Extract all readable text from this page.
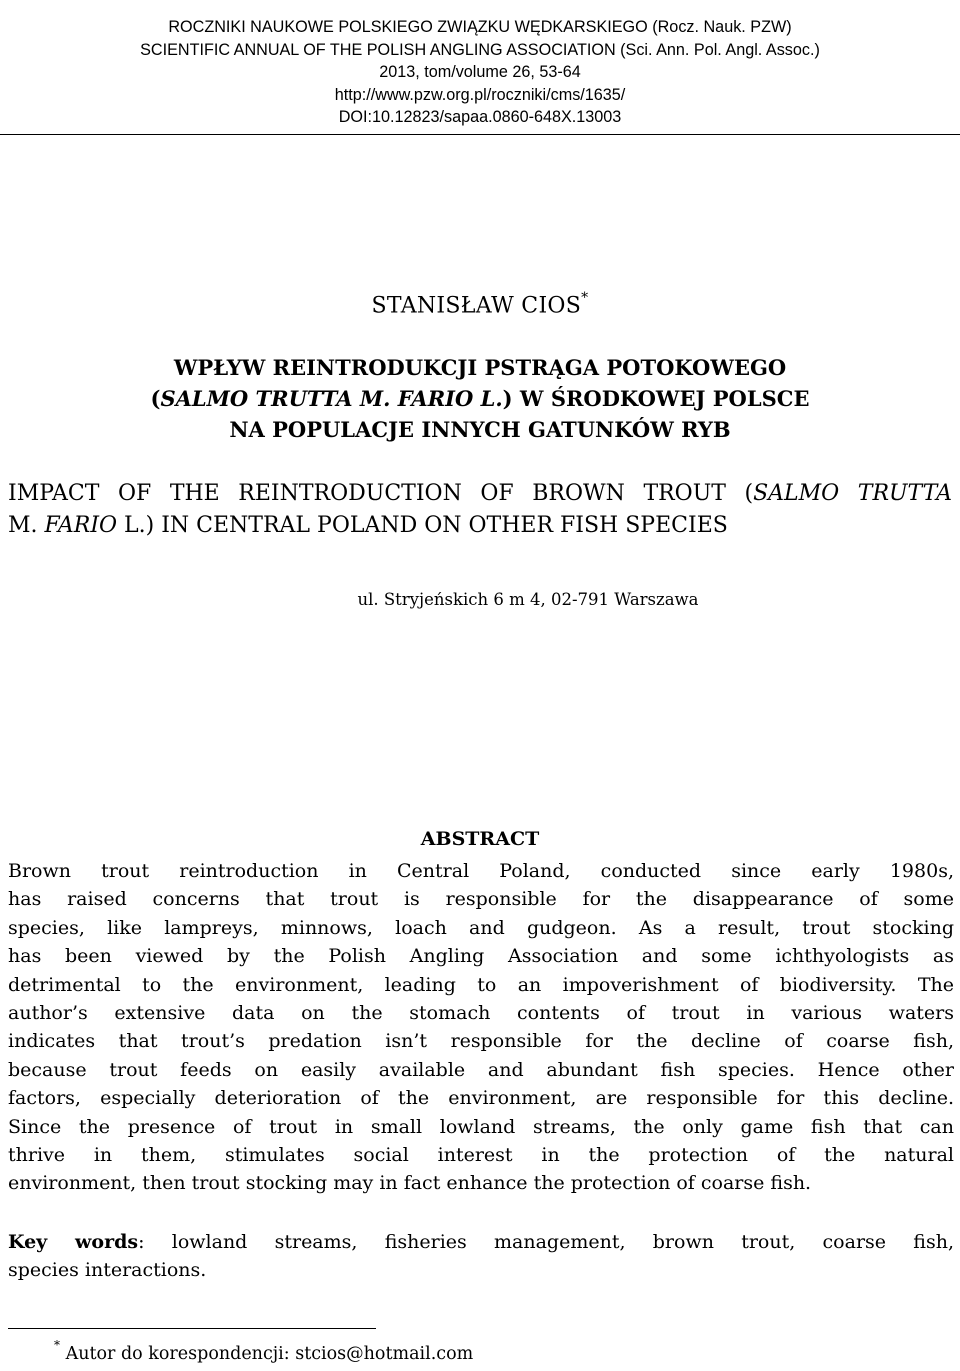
ROCZNIKI NAUKOWE POLSKIEGO ZWIĄZKU WĘDKARSKIEGO (Rocz. Nauk. PZW)
SCIENTIFIC ANNUAL OF THE POLISH ANGLING ASSOCIATION (Sci. Ann. Pol. Angl. Assoc.)
2013, tom/volume 26, 53-64
http://www.pzw.org.pl/roczniki/cms/1635/
DOI:10.12823/sapaa.0860-648X.13003
STANISŁAW CIOS*
WPŁYW REINTRODUKCJI PSTRĄGA POTOKOWEGO
(SALMO TRUTTA M. FARIO L.) W ŚRODKOWEJ POLSCE
NA POPULACJE INNYCH GATUNKÓW RYB
IMPACT OF THE REINTRODUCTION OF BROWN TROUT (SALMO TRUTTA
M. FARIO L.) IN CENTRAL POLAND ON OTHER FISH SPECIES
ul. Stryjeńskich 6 m 4, 02-791 Warszawa
ABSTRACT
Brown trout reintroduction in Central Poland, conducted since early 1980s,
has raised concerns that trout is responsible for the disappearance of some
species, like lampreys, minnows, loach and gudgeon. As a result, trout stocking
has been viewed by the Polish Angling Association and some ichthyologists as
detrimental to the environment, leading to an impoverishment of biodiversity. The
author’s extensive data on the stomach contents of trout in various waters
indicates that trout’s predation isn’t responsible for the decline of coarse fish,
because trout feeds on easily available and abundant fish species. Hence other
factors, especially deterioration of the environment, are responsible for this decline.
Since the presence of trout in small lowland streams, the only game fish that can
thrive in them, stimulates social interest in the protection of the natural
environment, then trout stocking may in fact enhance the protection of coarse fish.
Key words: lowland streams, fisheries management, brown trout, coarse fish,
species interactions.
* Autor do korespondencji: stcios@hotmail.com
